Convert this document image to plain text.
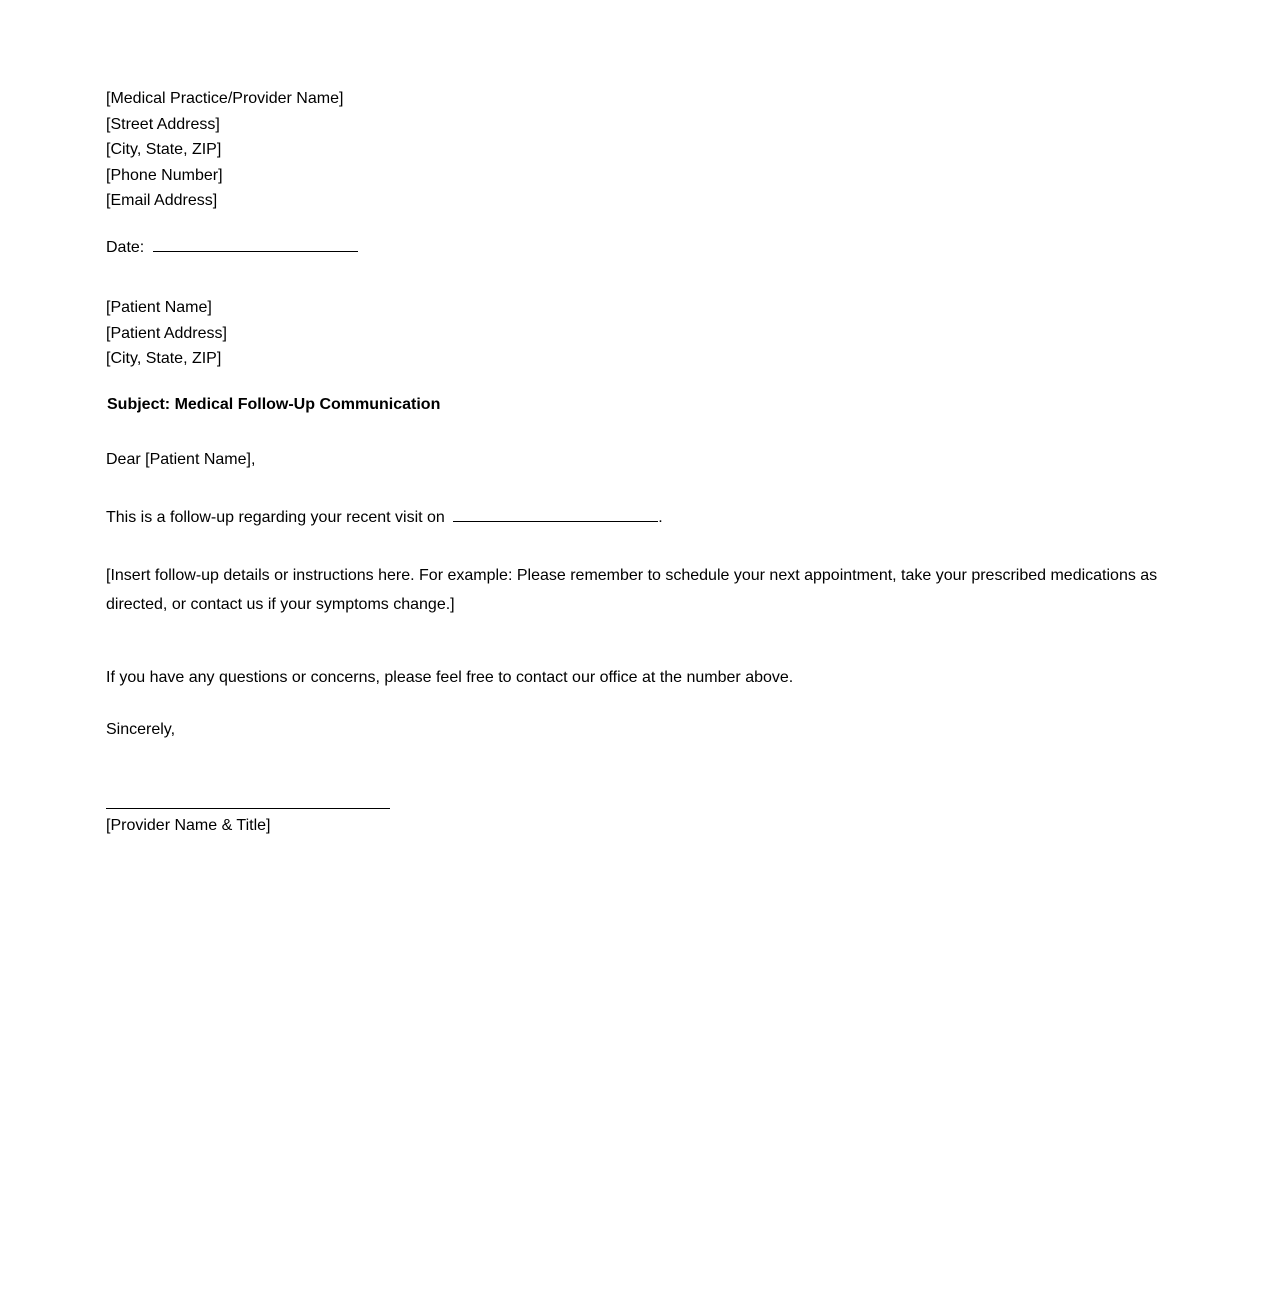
[Medical Practice/Provider Name]
[Street Address]
[City, State, ZIP]
[Phone Number]
[Email Address]
Date:
[Patient Name]
[Patient Address]
[City, State, ZIP]
Subject: Medical Follow-Up Communication
Dear [Patient Name],
This is a follow-up regarding your recent visit on	.
[Insert follow-up details or instructions here. For example: Please remember to schedule your next appointment, take your prescribed medications as directed, or contact us if your symptoms change.]
If you have any questions or concerns, please feel free to contact our office at the number above.
Sincerely,
[Provider Name & Title]
